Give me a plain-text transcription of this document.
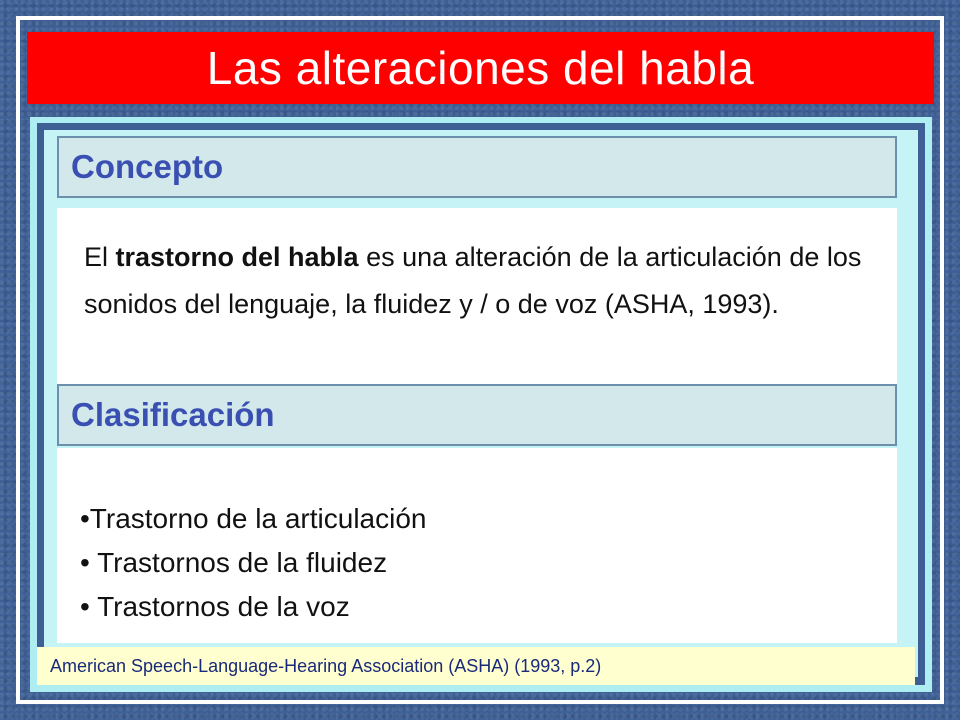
Las alteraciones del habla
Concepto
El trastorno del habla es una alteración de la articulación de los sonidos del lenguaje, la fluidez y / o de voz (ASHA, 1993).
Clasificación
•Trastorno de la articulación
• Trastornos de la fluidez
• Trastornos de la voz
American Speech-Language-Hearing Association (ASHA) (1993, p.2)
